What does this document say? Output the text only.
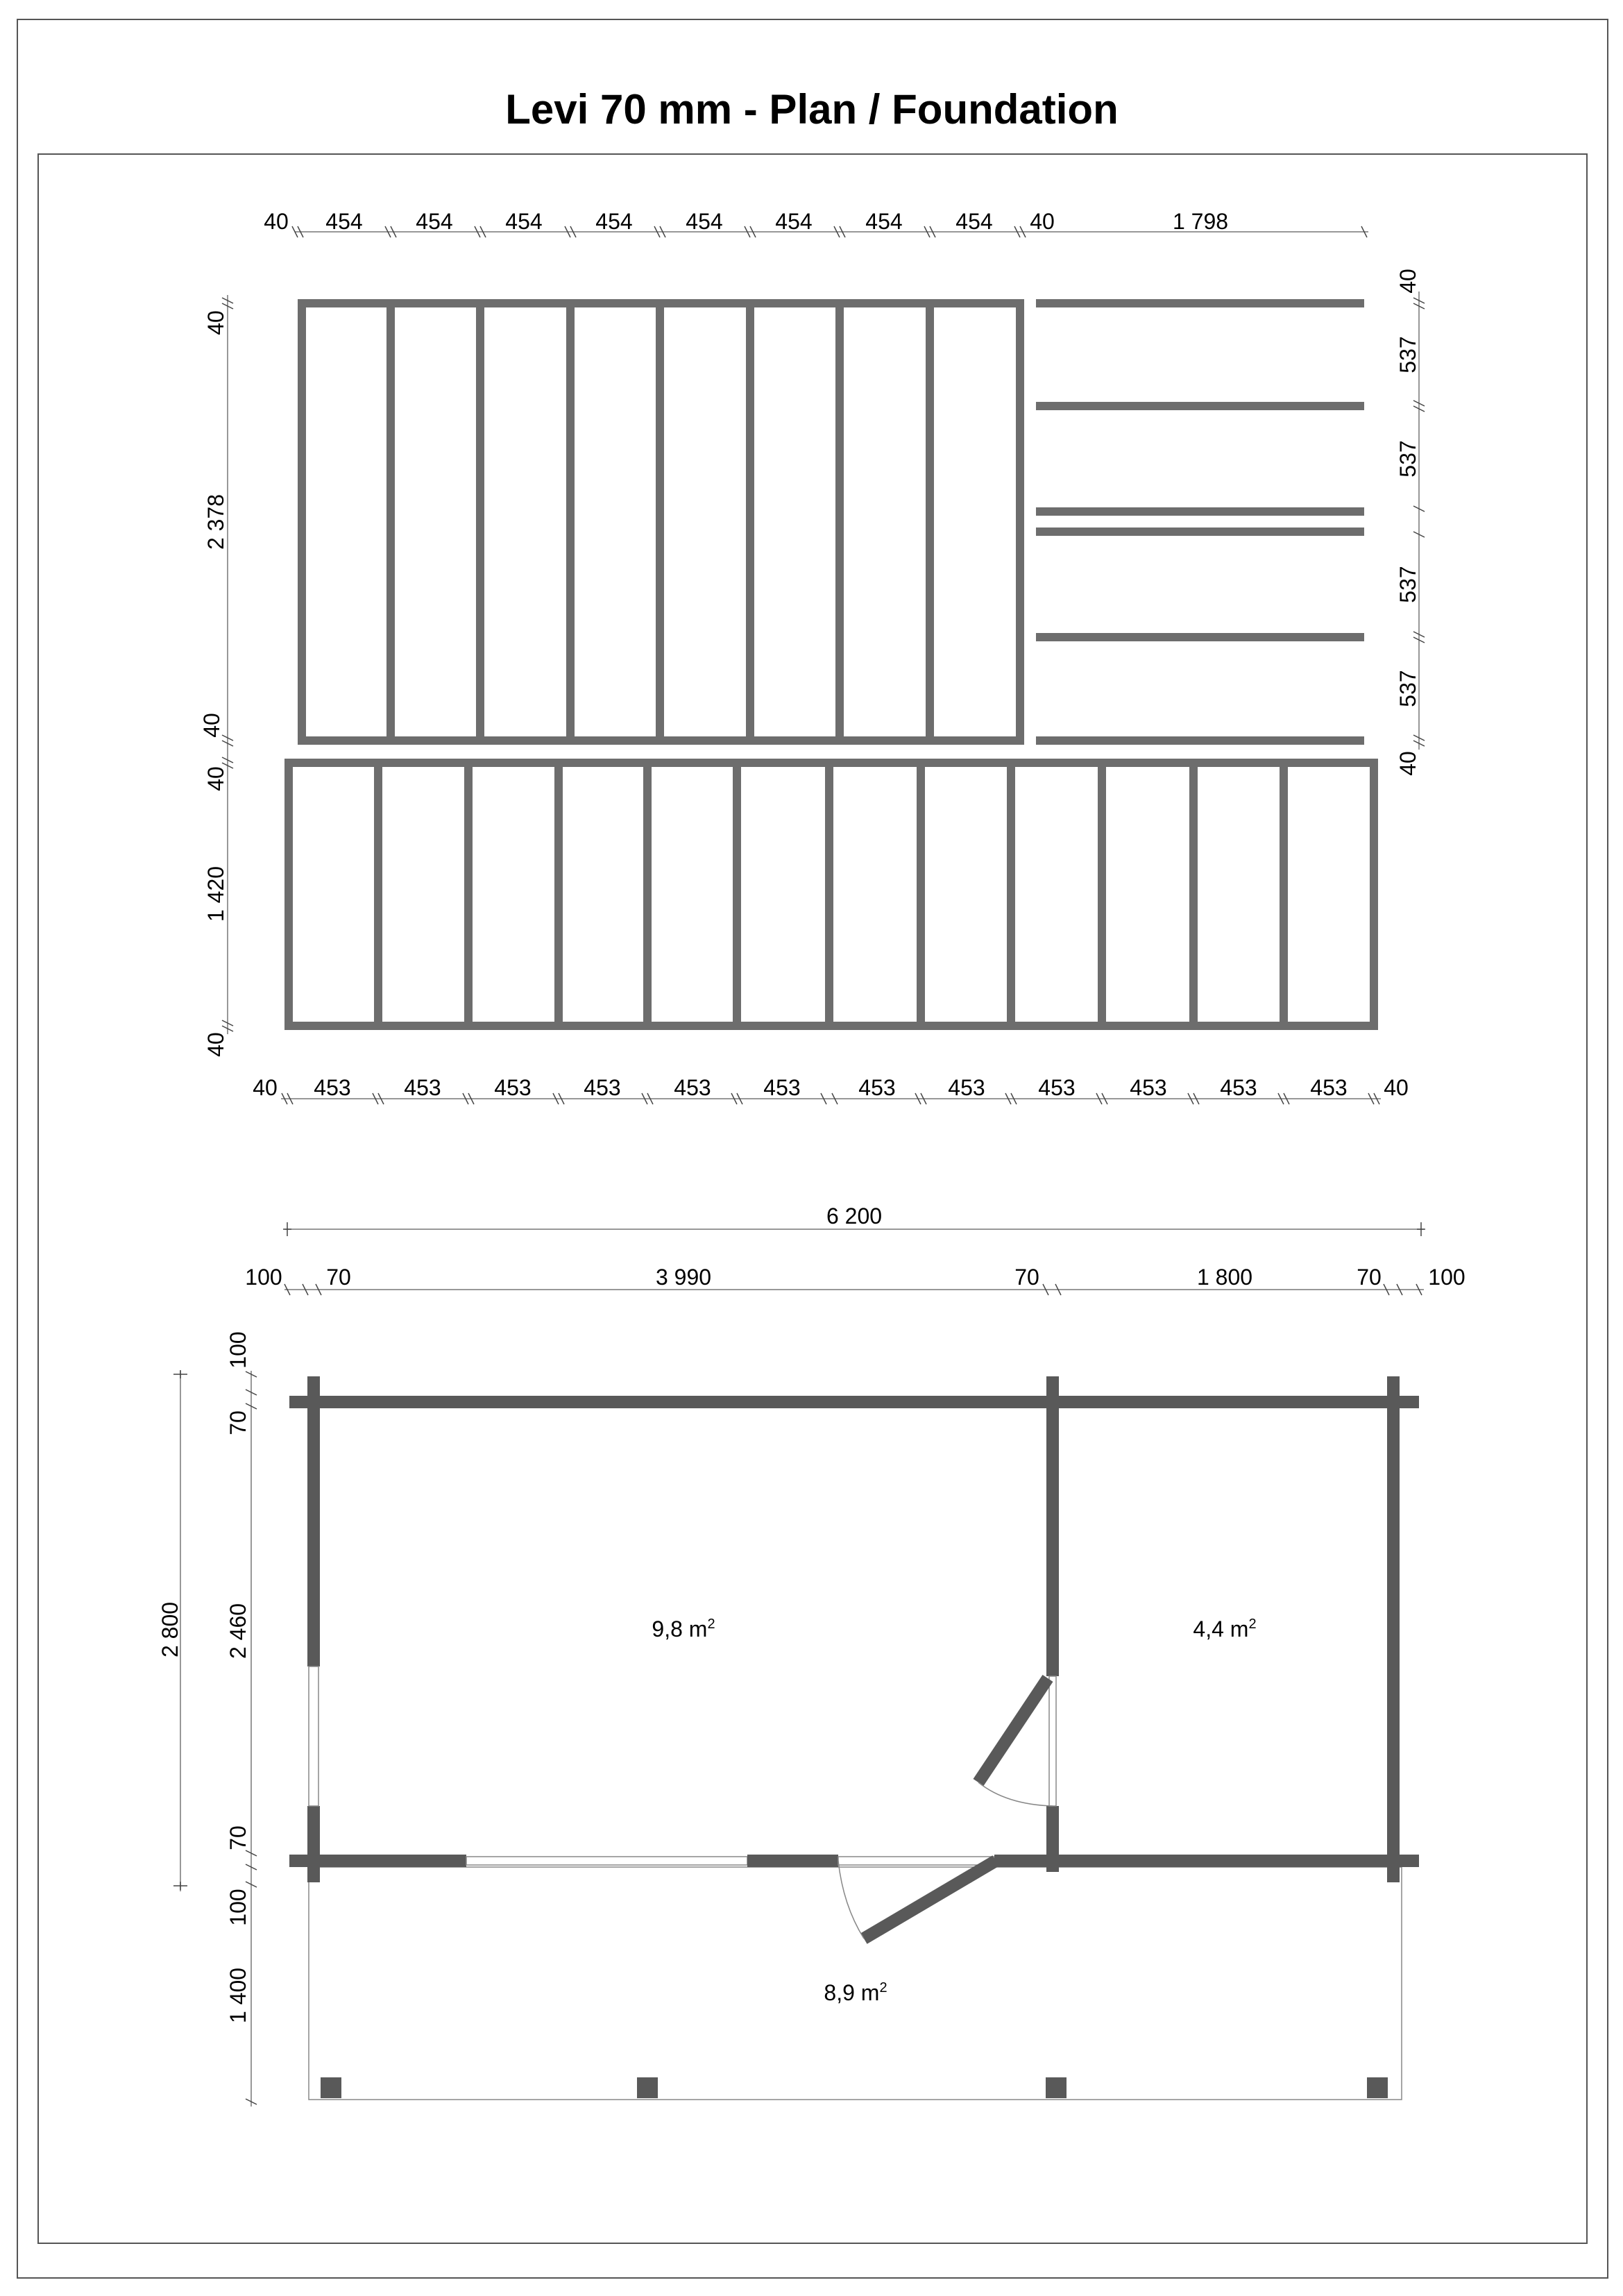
Levi 70 mm - Plan / Foundation
40 454 454 454 454 454 454 454 454 40	1 798
40
537
537
537
537
40
40
2 378
40
40
1 420
40
40 453 453 453 453 453 453	453 453 453 453 453 453 40
6 200
100 70	3 990	70	1 800	70 100
2 800
100
70
2 460
70
100
1 400
9,8 $m^2$	4,4 $m^2$
8,9 $m^2$
